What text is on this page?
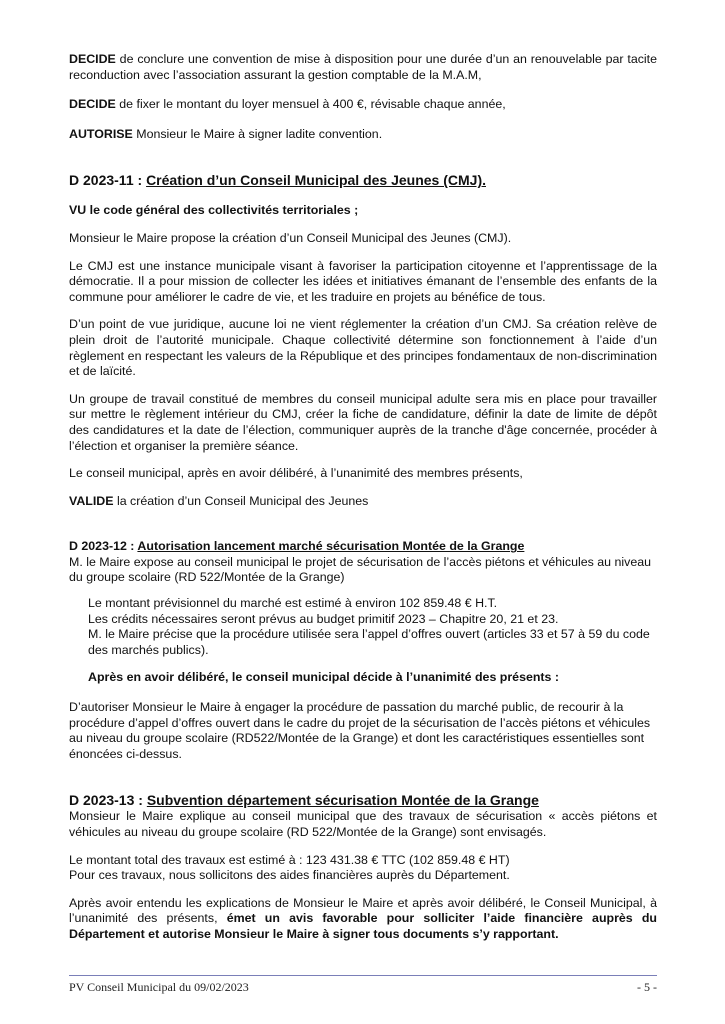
DECIDE de conclure une convention de mise à disposition pour une durée d’un an renouvelable par tacite reconduction avec l’association assurant la gestion comptable de la M.A.M,

DECIDE de fixer le montant du loyer mensuel à 400 €, révisable chaque année,

AUTORISE Monsieur le Maire à signer ladite convention.

D 2023-11 : Création d’un Conseil Municipal des Jeunes (CMJ).

VU le code général des collectivités territoriales ;

Monsieur le Maire propose la création d’un Conseil Municipal des Jeunes (CMJ).

Le CMJ est une instance municipale visant à favoriser la participation citoyenne et l’apprentissage de la démocratie. Il a pour mission de collecter les idées et initiatives émanant de l’ensemble des enfants de la commune pour améliorer le cadre de vie, et les traduire en projets au bénéfice de tous.

D’un point de vue juridique, aucune loi ne vient réglementer la création d’un CMJ. Sa création relève de plein droit de l’autorité municipale. Chaque collectivité détermine son fonctionnement à l’aide d’un règlement en respectant les valeurs de la République et des principes fondamentaux de non-discrimination et de laïcité.

Un groupe de travail constitué de membres du conseil municipal adulte sera mis en place pour travailler sur mettre le règlement intérieur du CMJ, créer la fiche de candidature, définir la date de limite de dépôt des candidatures et la date de l’élection, communiquer auprès de la tranche d'âge concernée, procéder à l’élection et organiser la première séance.

Le conseil municipal, après en avoir délibéré, à l’unanimité des membres présents,

VALIDE la création d’un Conseil Municipal des Jeunes

D 2023-12 : Autorisation lancement marché sécurisation Montée de la Grange

M. le Maire expose au conseil municipal le projet de sécurisation de l’accès piétons et véhicules au niveau du groupe scolaire (RD 522/Montée de la Grange)

Le montant prévisionnel du marché est estimé à environ 102 859.48 € H.T.

Les crédits nécessaires seront prévus au budget primitif 2023 – Chapitre 20, 21 et 23.

M. le Maire précise que la procédure utilisée sera l’appel d’offres ouvert (articles 33 et 57 à 59 du code des marchés publics).

Après en avoir délibéré, le conseil municipal décide à l’unanimité des présents :

D’autoriser Monsieur le Maire à engager la procédure de passation du marché public, de recourir à la procédure d’appel d’offres ouvert dans le cadre du projet de la sécurisation de l’accès piétons et véhicules au niveau du groupe scolaire (RD522/Montée de la Grange) et dont les caractéristiques essentielles sont énoncées ci-dessus.

D 2023-13 : Subvention département sécurisation Montée de la Grange

Monsieur le Maire explique au conseil municipal que des travaux de sécurisation « accès piétons et véhicules au niveau du groupe scolaire (RD 522/Montée de la Grange) sont envisagés.

Le montant total des travaux est estimé à : 123 431.38 € TTC (102 859.48 € HT)

Pour ces travaux, nous sollicitons des aides financières auprès du Département.

Après avoir entendu les explications de Monsieur le Maire et après avoir délibéré, le Conseil Municipal, à l’unanimité des présents, émet un avis favorable pour solliciter l’aide financière auprès du Département et autorise Monsieur le Maire à signer tous documents s’y rapportant.

PV Conseil Municipal du 09/02/2023	- 5 -
